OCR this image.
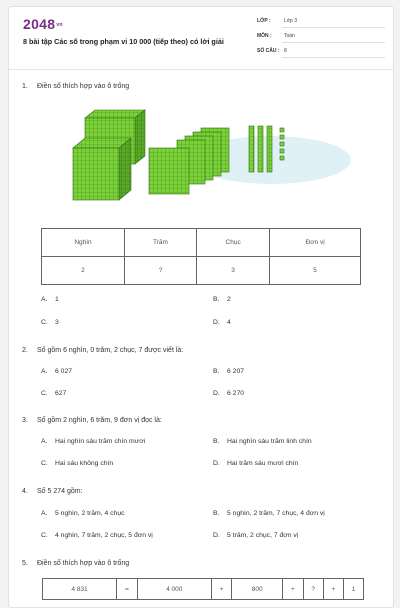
2048vn
8 bài tập Các số trong phạm vi 10 000 (tiếp theo) có lời giải
LỚP :	Lớp 3
MÔN : Toán
SỐ CÂU : 8
1. Điền số thích hợp vào ô trống
Nghìn	Trăm	Chục	Đơn vị
2	?	3	5
A. 1	B. 2
C. 3	D. 4
2. Số gồm 6 nghìn, 0 trăm, 2 chục, 7 được viết là:
A. 6 027	B. 6 207
C. 627	D. 6 270
3. Số gồm 2 nghìn, 6 trăm, 9 đơn vị đọc là:
A. Hai nghìn sáu trăm chín mươi	B. Hai nghìn sáu trăm linh chín
C. Hai sáu không chín	D. Hai trăm sáu mươi chín
4. Số 5 274 gồm:
A. 5 nghìn, 2 trăm, 4 chục	B. 5 nghìn, 2 trăm, 7 chục, 4 đơn vị
C. 4 nghìn, 7 trăm, 2 chục, 5 đơn vị	D. 5 trăm, 2 chục, 7 đơn vị
5. Điền số thích hợp vào ô trống
4 831	=	4 000	+	800	+	?	+	1
